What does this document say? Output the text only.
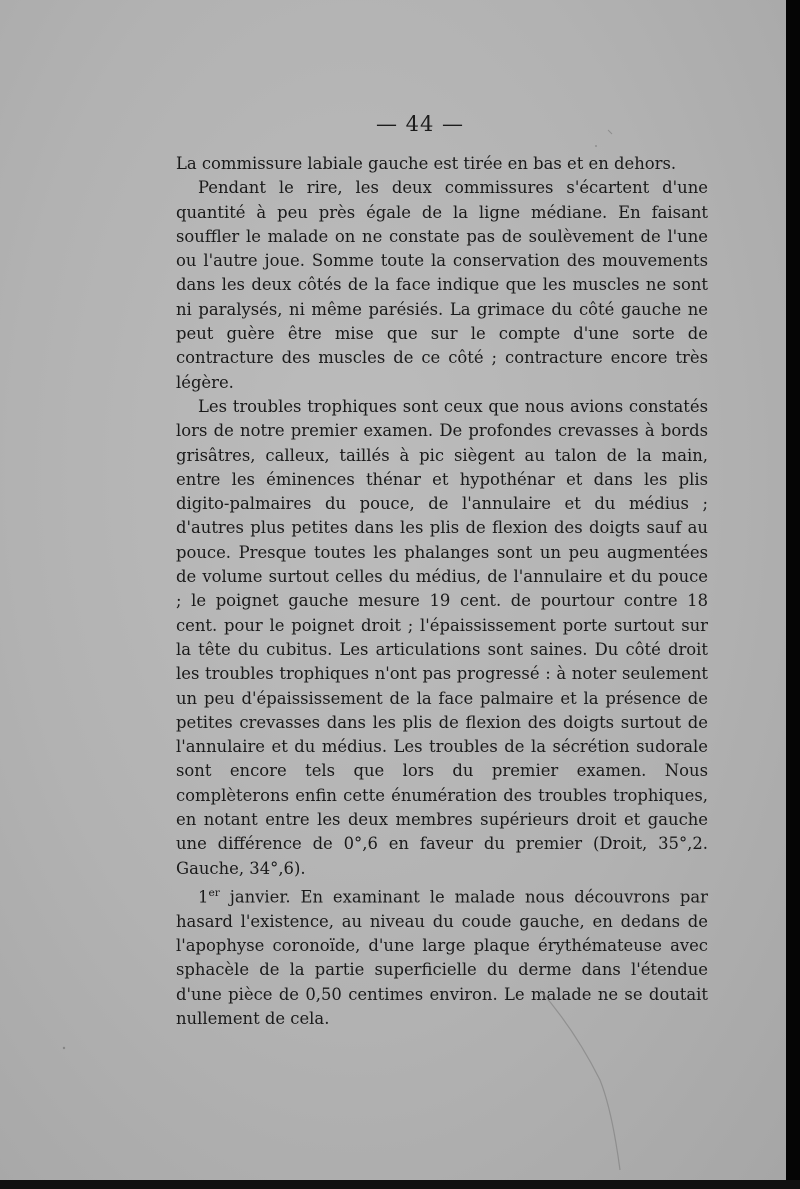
— 44 —

La commissure labiale gauche est tirée en bas et en dehors.

Pendant le rire, les deux commissures s'écartent d'une quantité à peu près égale de la ligne médiane. En faisant souffler le malade on ne constate pas de soulèvement de l'une ou l'autre joue. Somme toute la conservation des mouvements dans les deux côtés de la face indique que les muscles ne sont ni paralysés, ni même parésiés. La grimace du côté gauche ne peut guère être mise que sur le compte d'une sorte de contracture des muscles de ce côté ; contracture encore très légère.

Les troubles trophiques sont ceux que nous avions constatés lors de notre premier examen. De profondes crevasses à bords grisâtres, calleux, taillés à pic siègent au talon de la main, entre les éminences thénar et hypothénar et dans les plis digito-palmaires du pouce, de l'annulaire et du médius ; d'autres plus petites dans les plis de flexion des doigts sauf au pouce. Presque toutes les phalanges sont un peu augmentées de volume surtout celles du médius, de l'annulaire et du pouce ; le poignet gauche mesure 19 cent. de pourtour contre 18 cent. pour le poignet droit ; l'épaississement porte surtout sur la tête du cubitus. Les articulations sont saines. Du côté droit les troubles trophiques n'ont pas progressé : à noter seulement un peu d'épaississement de la face palmaire et la présence de petites crevasses dans les plis de flexion des doigts surtout de l'annulaire et du médius. Les troubles de la sécrétion sudorale sont encore tels que lors du premier examen. Nous complèterons enfin cette énumération des troubles trophiques, en notant entre les deux membres supérieurs droit et gauche une différence de 0°,6 en faveur du premier (Droit, 35°,2. Gauche, 34°,6).

1er janvier. En examinant le malade nous découvrons par hasard l'existence, au niveau du coude gauche, en dedans de l'apophyse coronoïde, d'une large plaque érythémateuse avec sphacèle de la partie superficielle du derme dans l'étendue d'une pièce de 0,50 centimes environ. Le malade ne se doutait nullement de cela.
